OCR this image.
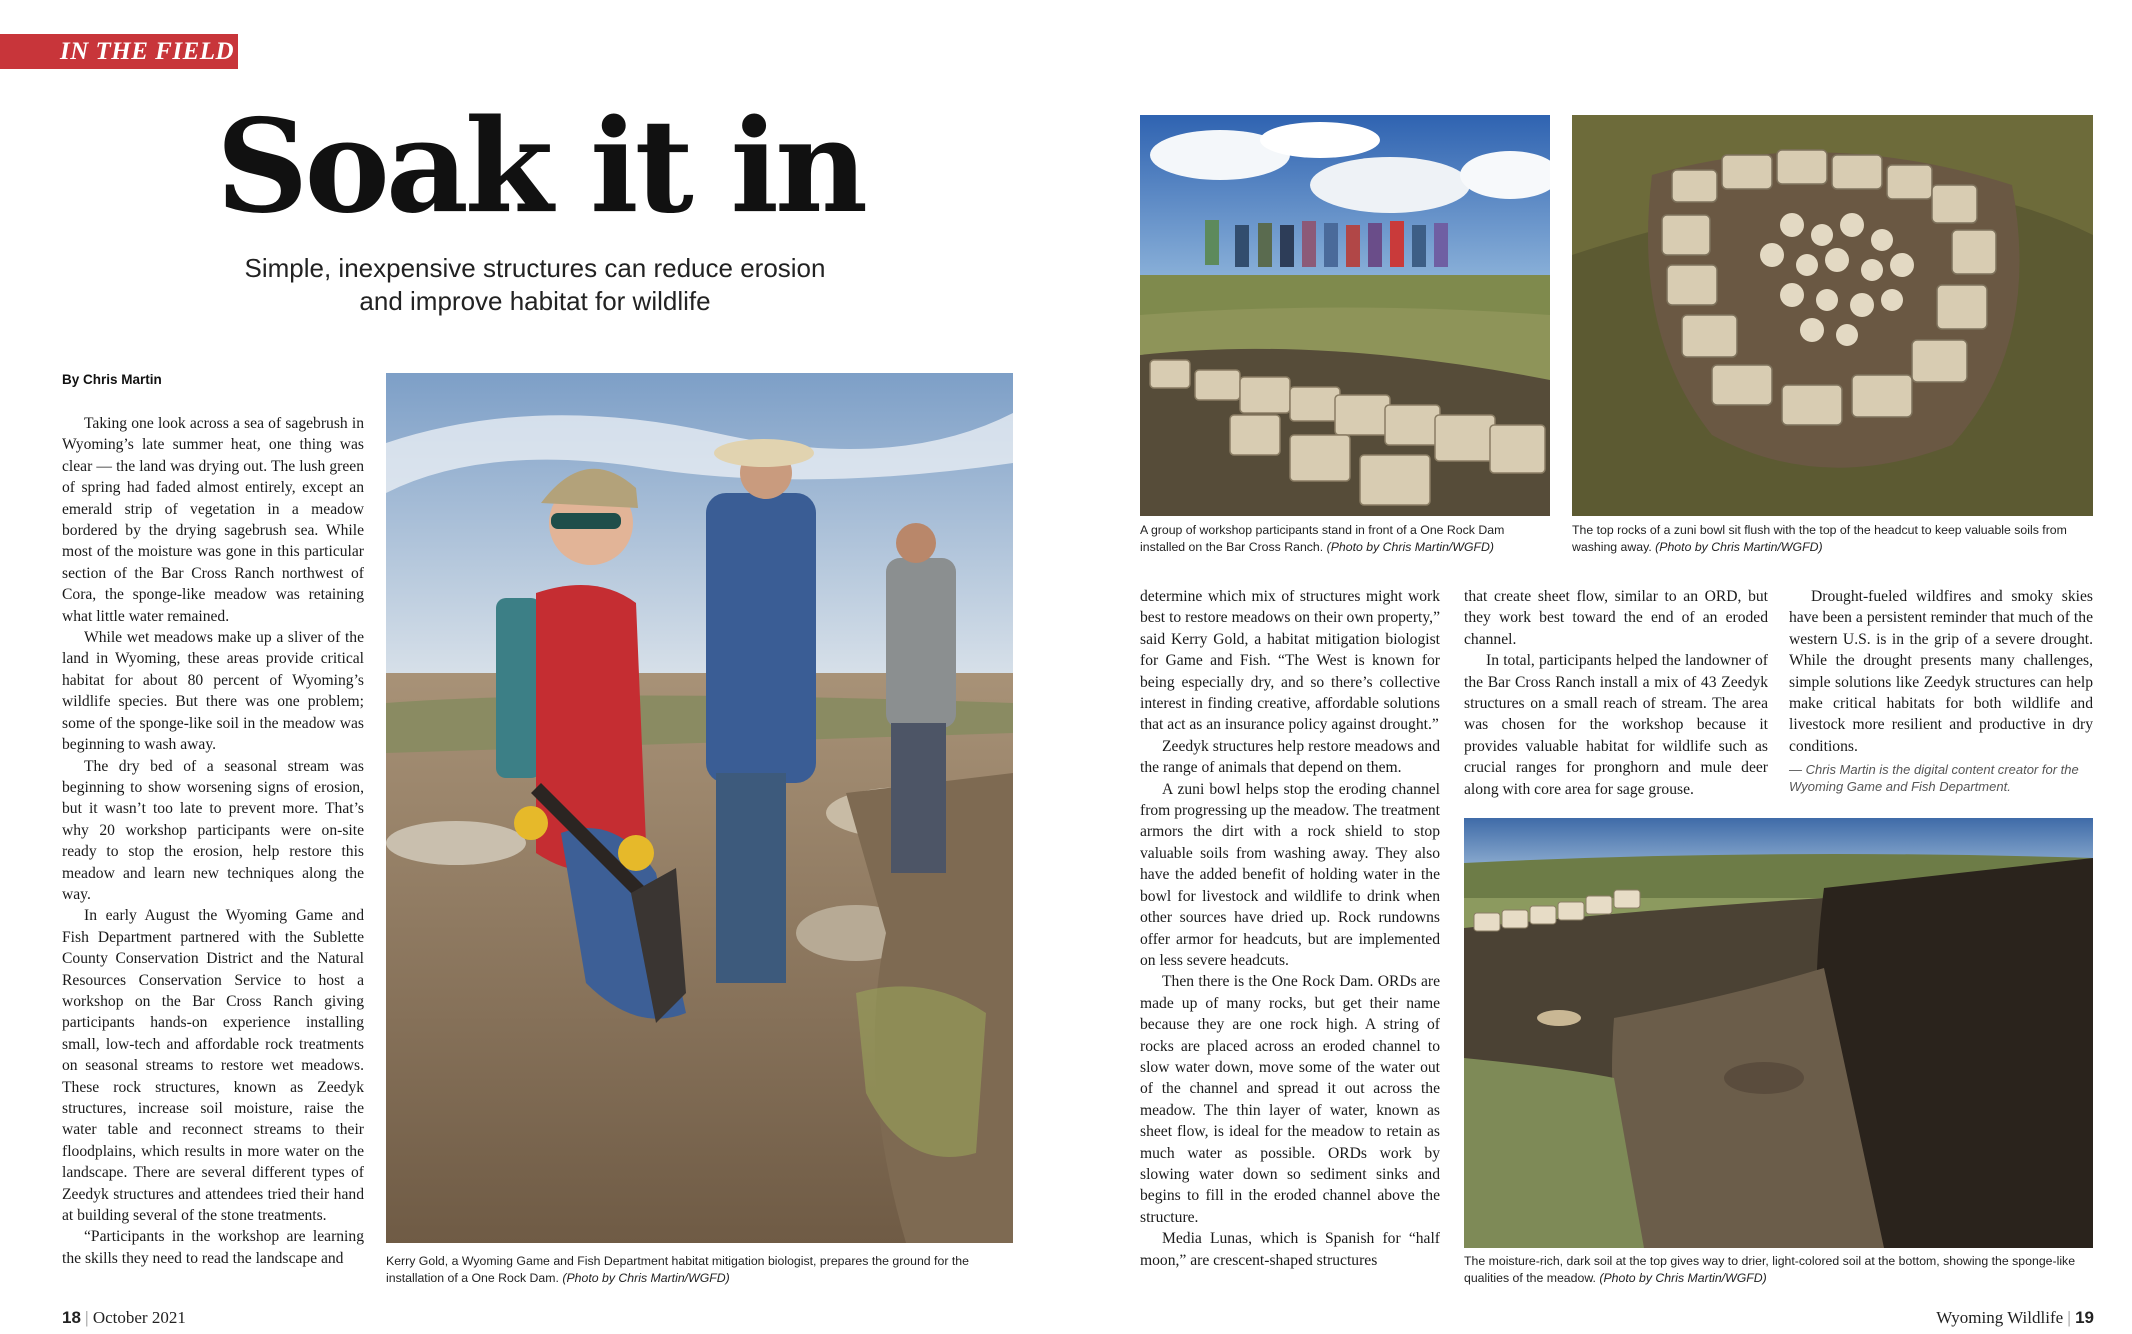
IN THE FIELD
Soak it in
Simple, inexpensive structures can reduce erosion
and improve habitat for wildlife
By Chris Martin

Taking one look across a sea of sagebrush in Wyoming’s late summer heat, one thing was clear — the land was drying out. The lush green of spring had faded almost entirely, except an emerald strip of vegetation in a meadow bordered by the drying sagebrush sea. While most of the moisture was gone in this particular section of the Bar Cross Ranch northwest of Cora, the sponge-like meadow was retaining what little water remained.

While wet meadows make up a sliver of the land in Wyoming, these areas provide critical habitat for about 80 percent of Wyoming’s wildlife species. But there was one problem; some of the sponge-like soil in the meadow was beginning to wash away.

The dry bed of a seasonal stream was beginning to show worsening signs of erosion, but it wasn’t too late to prevent more. That’s why 20 workshop participants were on-site ready to stop the erosion, help restore this meadow and learn new techniques along the way.

In early August the Wyoming Game and Fish Department partnered with the Sublette County Conservation District and the Natural Resources Conservation Service to host a workshop on the Bar Cross Ranch giving participants hands-on experience installing small, low-tech and affordable rock treatments on seasonal streams to restore wet meadows. These rock structures, known as Zeedyk structures, increase soil moisture, raise the water table and reconnect streams to their floodplains, which results in more water on the landscape. There are several different types of Zeedyk structures and attendees tried their hand at building several of the stone treatments.

“Participants in the workshop are learning the skills they need to read the landscape and	Kerry Gold, a Wyoming Game and Fish Department habitat mitigation biologist, prepares the ground for the installation of a One Rock Dam. (Photo by Chris Martin/WGFD)
A group of workshop participants stand in front of a One Rock Dam installed on the Bar Cross Ranch. (Photo by Chris Martin/WGFD)
The top rocks of a zuni bowl sit flush with the top of the headcut to keep valuable soils from washing away. (Photo by Chris Martin/WGFD)

determine which mix of structures might work best to restore meadows on their own property,” said Kerry Gold, a habitat mitigation biologist for Game and Fish. “The West is known for being especially dry, and so there’s collective interest in finding creative, affordable solutions that act as an insurance policy against drought.”

Zeedyk structures help restore meadows and the range of animals that depend on them.

A zuni bowl helps stop the eroding channel from progressing up the meadow. The treatment armors the dirt with a rock shield to stop valuable soils from washing away. They also have the added benefit of holding water in the bowl for livestock and wildlife to drink when other sources have dried up. Rock rundowns offer armor for headcuts, but are implemented on less severe headcuts.

Then there is the One Rock Dam. ORDs are made up of many rocks, but get their name because they are one rock high. A string of rocks are placed across an eroded channel to slow water down, move some of the water out of the channel and spread it out across the meadow. The thin layer of water, known as sheet flow, is ideal for the meadow to retain as much water as possible. ORDs work by slowing water down so sediment sinks and begins to fill in the eroded channel above the structure.

Media Lunas, which is Spanish for “half moon,” are crescent-shaped structures

that create sheet flow, similar to an ORD, but they work best toward the end of an eroded channel.

In total, participants helped the landowner of the Bar Cross Ranch install a mix of 43 Zeedyk structures on a small reach of stream. The area was chosen for the workshop because it provides valuable habitat for wildlife such as crucial ranges for pronghorn and mule deer along with core area for sage grouse.

Drought-fueled wildfires and smoky skies have been a persistent reminder that much of the western U.S. is in the grip of a severe drought. While the drought presents many challenges, simple solutions like Zeedyk structures can help make critical habitats for both wildlife and livestock more resilient and productive in dry conditions.

— Chris Martin is the digital content creator for the Wyoming Game and Fish Department.

The moisture-rich, dark soil at the top gives way to drier, light-colored soil at the bottom, showing the sponge-like qualities of the meadow. (Photo by Chris Martin/WGFD)
18 | October 2021	Wyoming Wildlife | 19
